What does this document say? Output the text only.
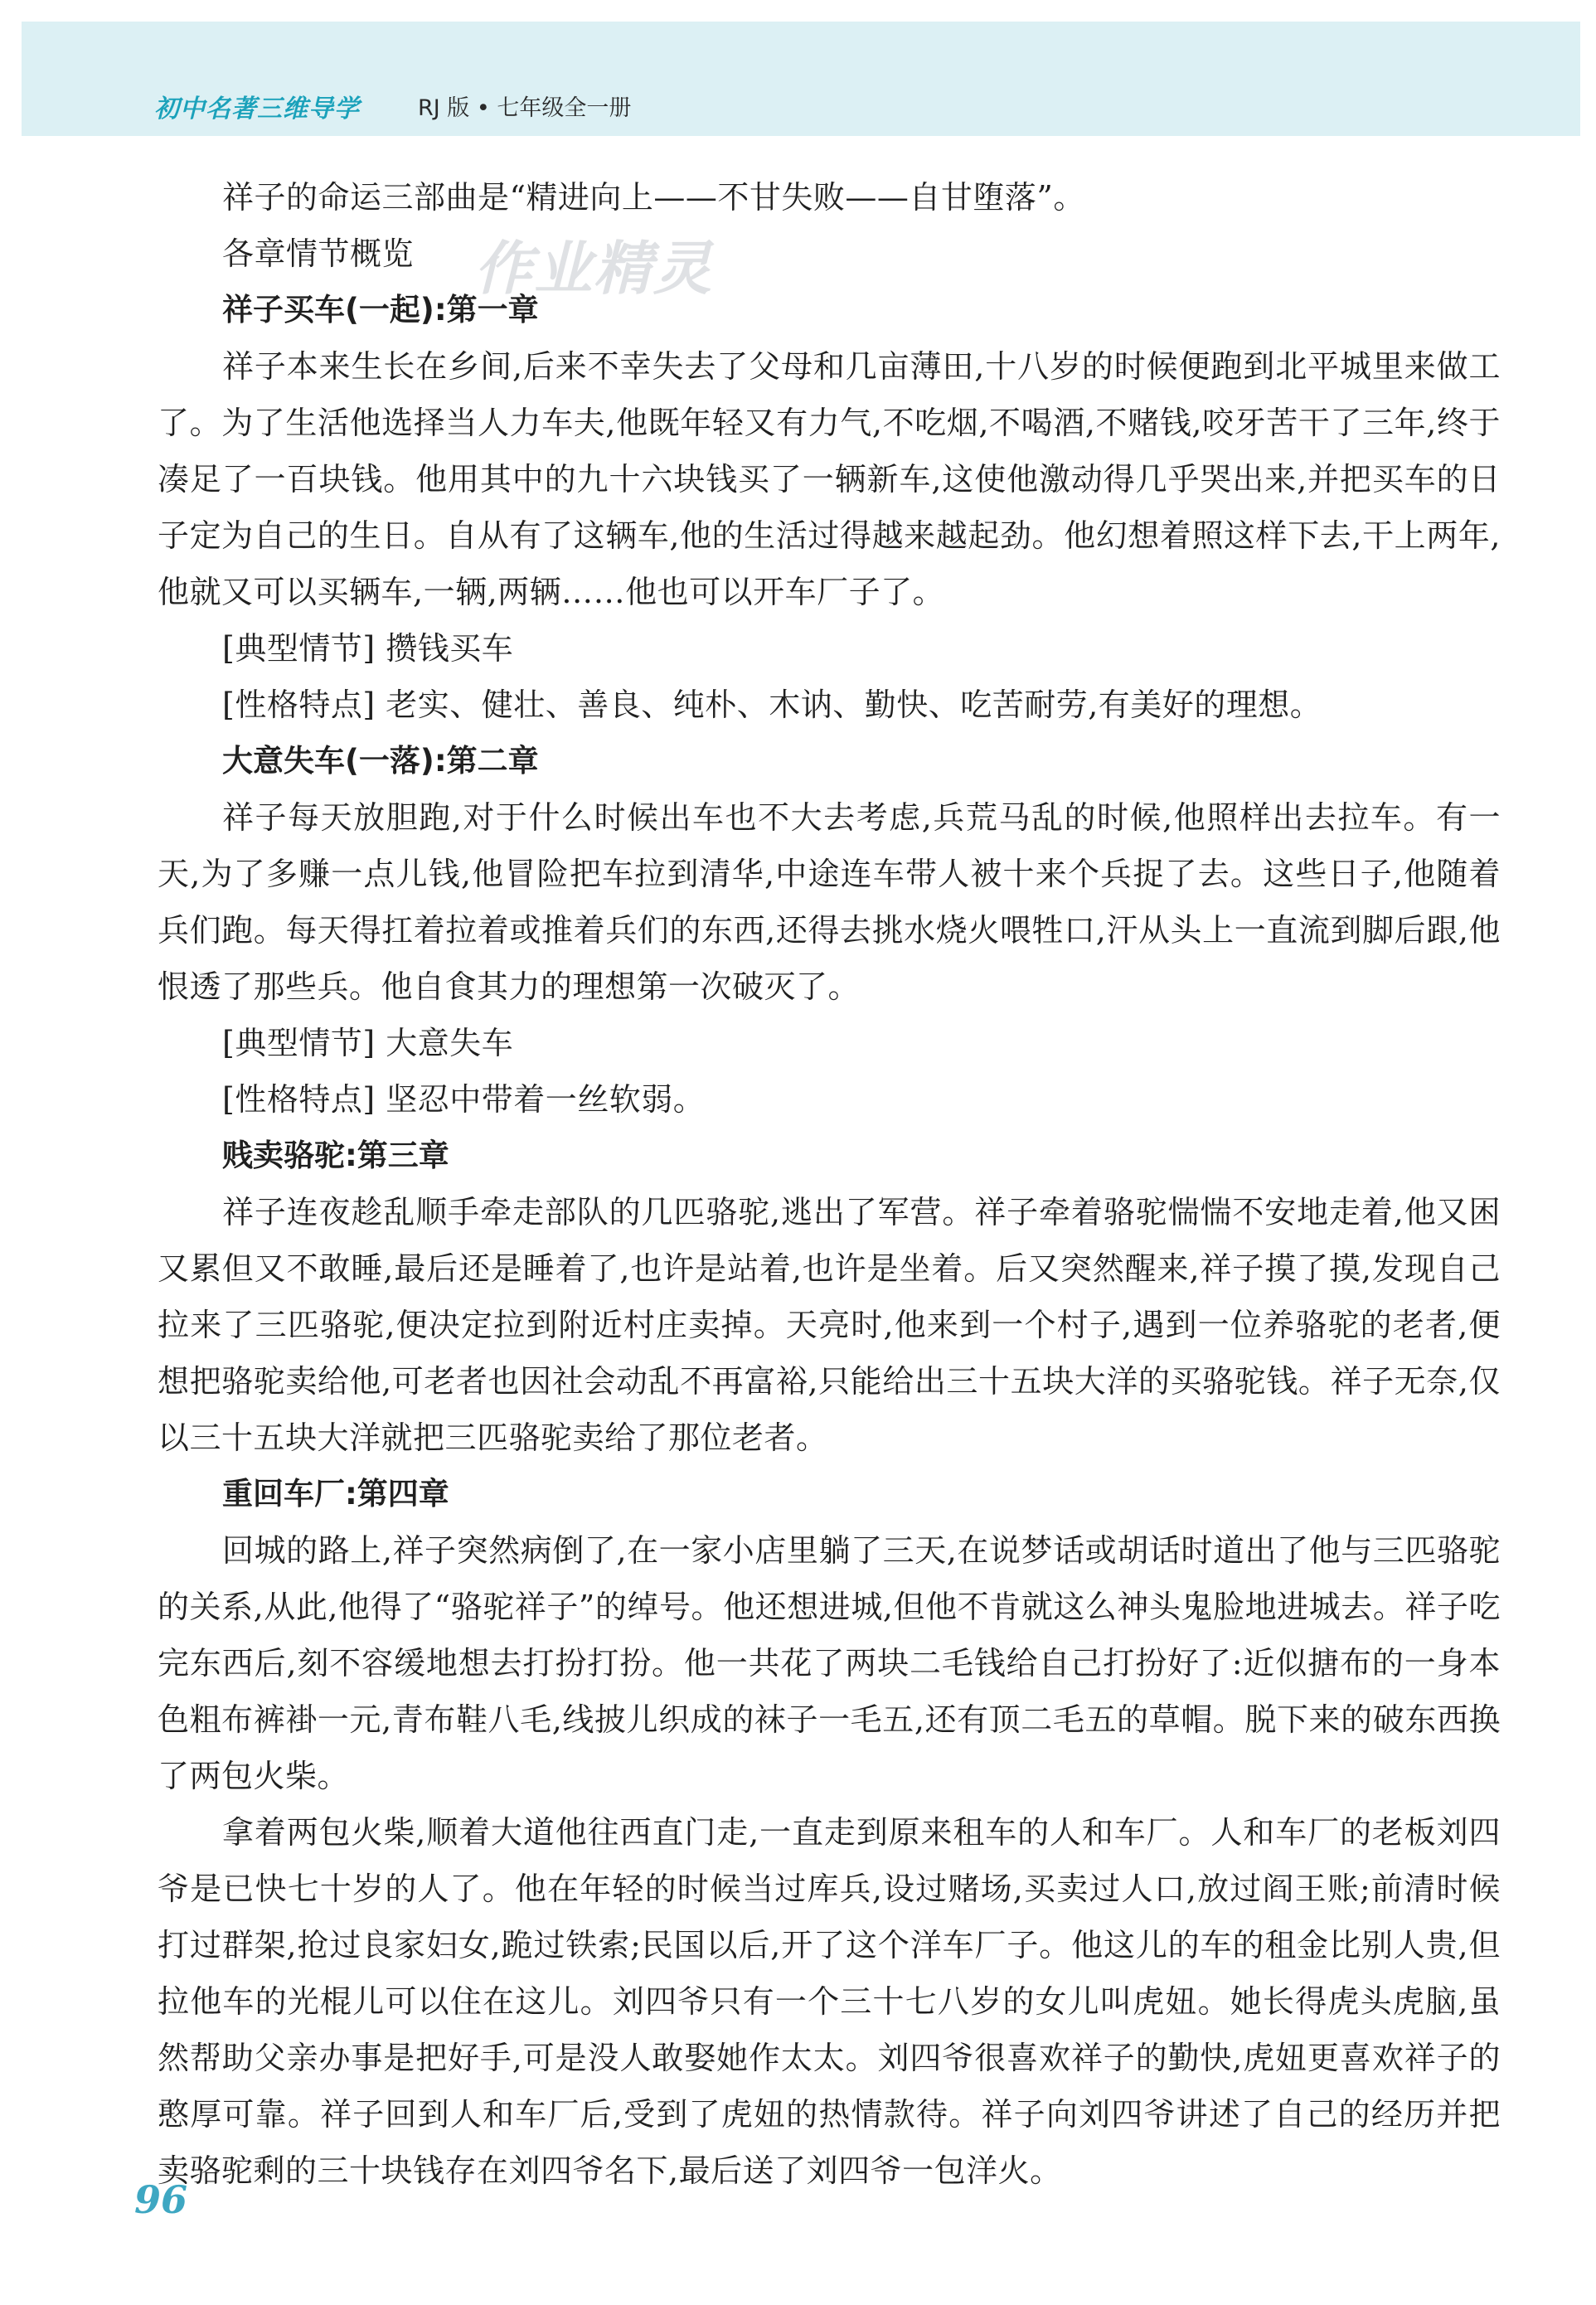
初中名著三维导学	RJ 版 • 七年级全一册
作业精灵

祥子的命运三部曲是“精进向上——不甘失败——自甘堕落”。

各章情节概览

祥子买车(一起):第一章

祥子本来生长在乡间,后来不幸失去了父母和几亩薄田,十八岁的时候便跑到北平城里来做工了。为了生活他选择当人力车夫,他既年轻又有力气,不吃烟,不喝酒,不赌钱,咬牙苦干了三年,终于凑足了一百块钱。他用其中的九十六块钱买了一辆新车,这使他激动得几乎哭出来,并把买车的日子定为自己的生日。自从有了这辆车,他的生活过得越来越起劲。他幻想着照这样下去,干上两年,他就又可以买辆车,一辆,两辆……他也可以开车厂子了。

[典型情节] 攒钱买车

[性格特点] 老实、健壮、善良、纯朴、木讷、勤快、吃苦耐劳,有美好的理想。

大意失车(一落):第二章

祥子每天放胆跑,对于什么时候出车也不大去考虑,兵荒马乱的时候,他照样出去拉车。有一天,为了多赚一点儿钱,他冒险把车拉到清华,中途连车带人被十来个兵捉了去。这些日子,他随着兵们跑。每天得扛着拉着或推着兵们的东西,还得去挑水烧火喂牲口,汗从头上一直流到脚后跟,他恨透了那些兵。他自食其力的理想第一次破灭了。

[典型情节] 大意失车

[性格特点] 坚忍中带着一丝软弱。

贱卖骆驼:第三章

祥子连夜趁乱顺手牵走部队的几匹骆驼,逃出了军营。祥子牵着骆驼惴惴不安地走着,他又困又累但又不敢睡,最后还是睡着了,也许是站着,也许是坐着。后又突然醒来,祥子摸了摸,发现自己拉来了三匹骆驼,便决定拉到附近村庄卖掉。天亮时,他来到一个村子,遇到一位养骆驼的老者,便想把骆驼卖给他,可老者也因社会动乱不再富裕,只能给出三十五块大洋的买骆驼钱。祥子无奈,仅以三十五块大洋就把三匹骆驼卖给了那位老者。

重回车厂:第四章

回城的路上,祥子突然病倒了,在一家小店里躺了三天,在说梦话或胡话时道出了他与三匹骆驼的关系,从此,他得了“骆驼祥子”的绰号。他还想进城,但他不肯就这么神头鬼脸地进城去。祥子吃完东西后,刻不容缓地想去打扮打扮。他一共花了两块二毛钱给自己打扮好了:近似搪布的一身本色粗布裤褂一元,青布鞋八毛,线披儿织成的袜子一毛五,还有顶二毛五的草帽。脱下来的破东西换了两包火柴。

拿着两包火柴,顺着大道他往西直门走,一直走到原来租车的人和车厂。人和车厂的老板刘四爷是已快七十岁的人了。他在年轻的时候当过库兵,设过赌场,买卖过人口,放过阎王账;前清时候打过群架,抢过良家妇女,跪过铁索;民国以后,开了这个洋车厂子。他这儿的车的租金比别人贵,但拉他车的光棍儿可以住在这儿。刘四爷只有一个三十七八岁的女儿叫虎妞。她长得虎头虎脑,虽然帮助父亲办事是把好手,可是没人敢娶她作太太。刘四爷很喜欢祥子的勤快,虎妞更喜欢祥子的憨厚可靠。祥子回到人和车厂后,受到了虎妞的热情款待。祥子向刘四爷讲述了自己的经历并把卖骆驼剩的三十块钱存在刘四爷名下,最后送了刘四爷一包洋火。

96
